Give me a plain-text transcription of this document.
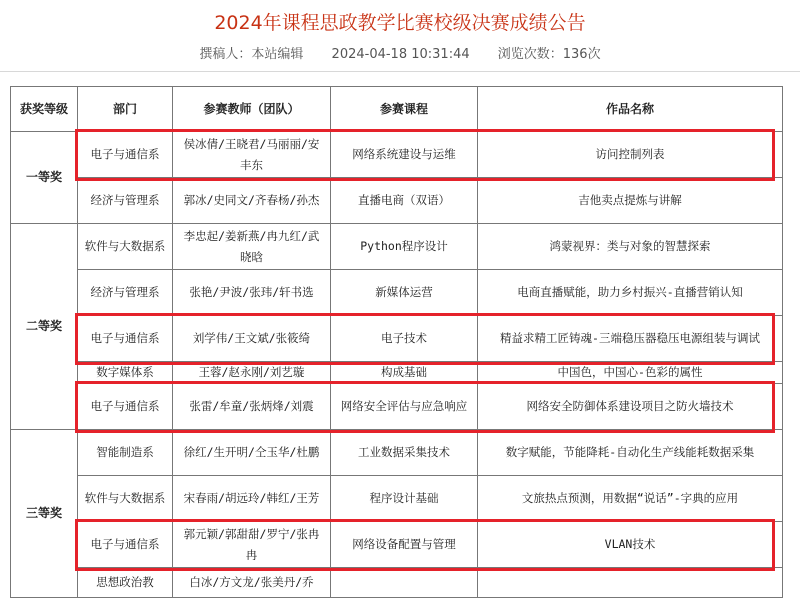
2024年课程思政教学比赛校级决赛成绩公告
撰稿人：本站编辑 2024-04-18 10:31:44 浏览次数：136次
获奖等级	部门	参赛教师（团队）	参赛课程	作品名称
一等奖	电子与通信系	侯冰倩/王晓君/马丽丽/安丰东	网络系统建设与运维	访问控制列表
	经济与管理系	郭冰/史同文/齐春杨/孙杰	直播电商（双语）	吉他卖点提炼与讲解
二等奖	软件与大数据系	李忠起/姜新燕/冉九红/武晓晗	Python程序设计	鸿蒙视界：类与对象的智慧探索
	经济与管理系	张艳/尹波/张玮/轩书选	新媒体运营	电商直播赋能，助力乡村振兴-直播营销认知
	电子与通信系	刘学伟/王文斌/张筱绮	电子技术	精益求精工匠铸魂-三端稳压器稳压电源组装与调试
	数字媒体系	王蓉/赵永刚/刘艺璇	构成基础	中国色，中国心-色彩的属性
	电子与通信系	张雷/牟童/张炳烽/刘震	网络安全评估与应急响应	网络安全防御体系建设项目之防火墙技术
三等奖	智能制造系	徐红/生开明/仝玉华/杜鹏	工业数据采集技术	数字赋能，节能降耗-自动化生产线能耗数据采集
	软件与大数据系	宋春雨/胡远玲/韩红/王芳	程序设计基础	文旅热点预测，用数据“说话”-字典的应用
	电子与通信系	郭元颖/郭甜甜/罗宁/张冉冉	网络设备配置与管理	VLAN技术
	思想政治教	白冰/方文龙/张美丹/乔		
